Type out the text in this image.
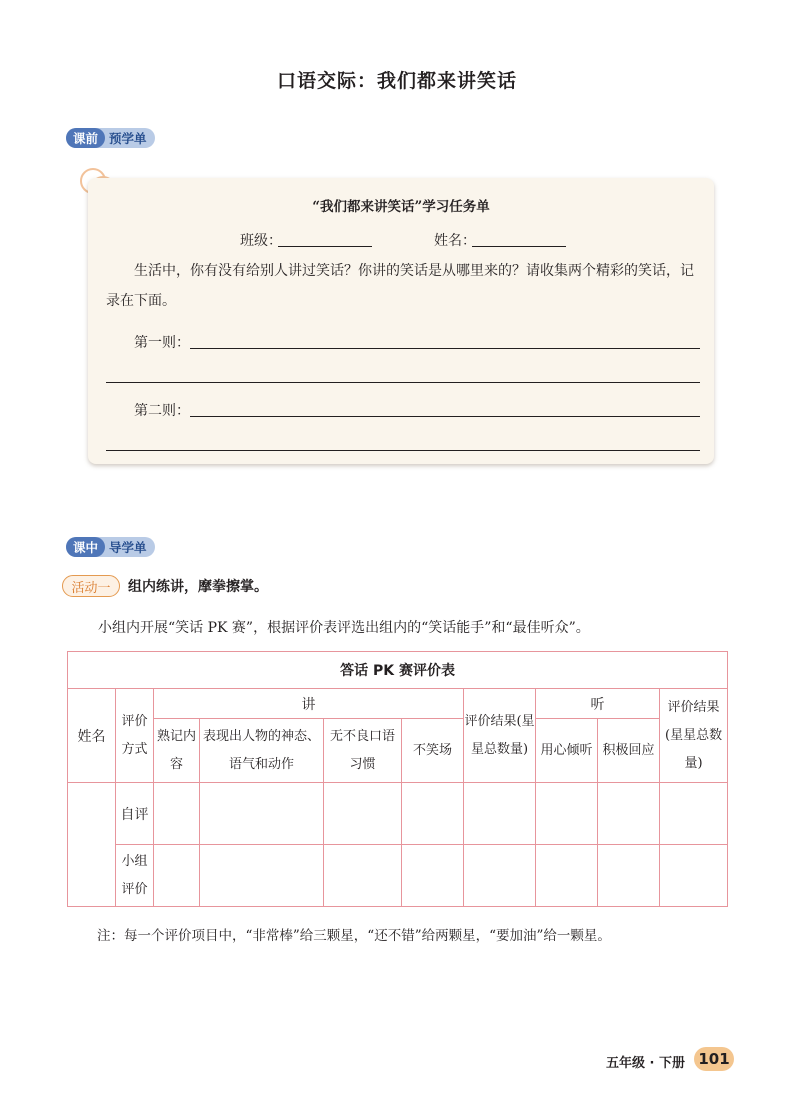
口语交际：我们都来讲笑话
课前 预学单
“我们都来讲笑话”学习任务单
班级：	姓名：
生活中，你有没有给别人讲过笑话？你讲的笑话是从哪里来的？请收集两个精彩的笑话，记录在下面。
第一则：
第二则：
课中 导学单
活动一	组内练讲，摩拳擦掌。
小组内开展“笑话 PK 赛”，根据评价表评选出组内的“笑话能手”和“最佳听众”。
答话 PK 赛评价表									
姓名	评价方式	讲				评价结果(星星总数量)	听		评价结果(星星总数量)
		熟记内容	表现出人物的神态、语气和动作	无不良口语习惯	不笑场		用心倾听	积极回应	
	自评								
	小组评价								
注：每一个评价项目中，“非常棒”给三颗星，“还不错”给两颗星，“要加油”给一颗星。
五年级 · 下册 101
